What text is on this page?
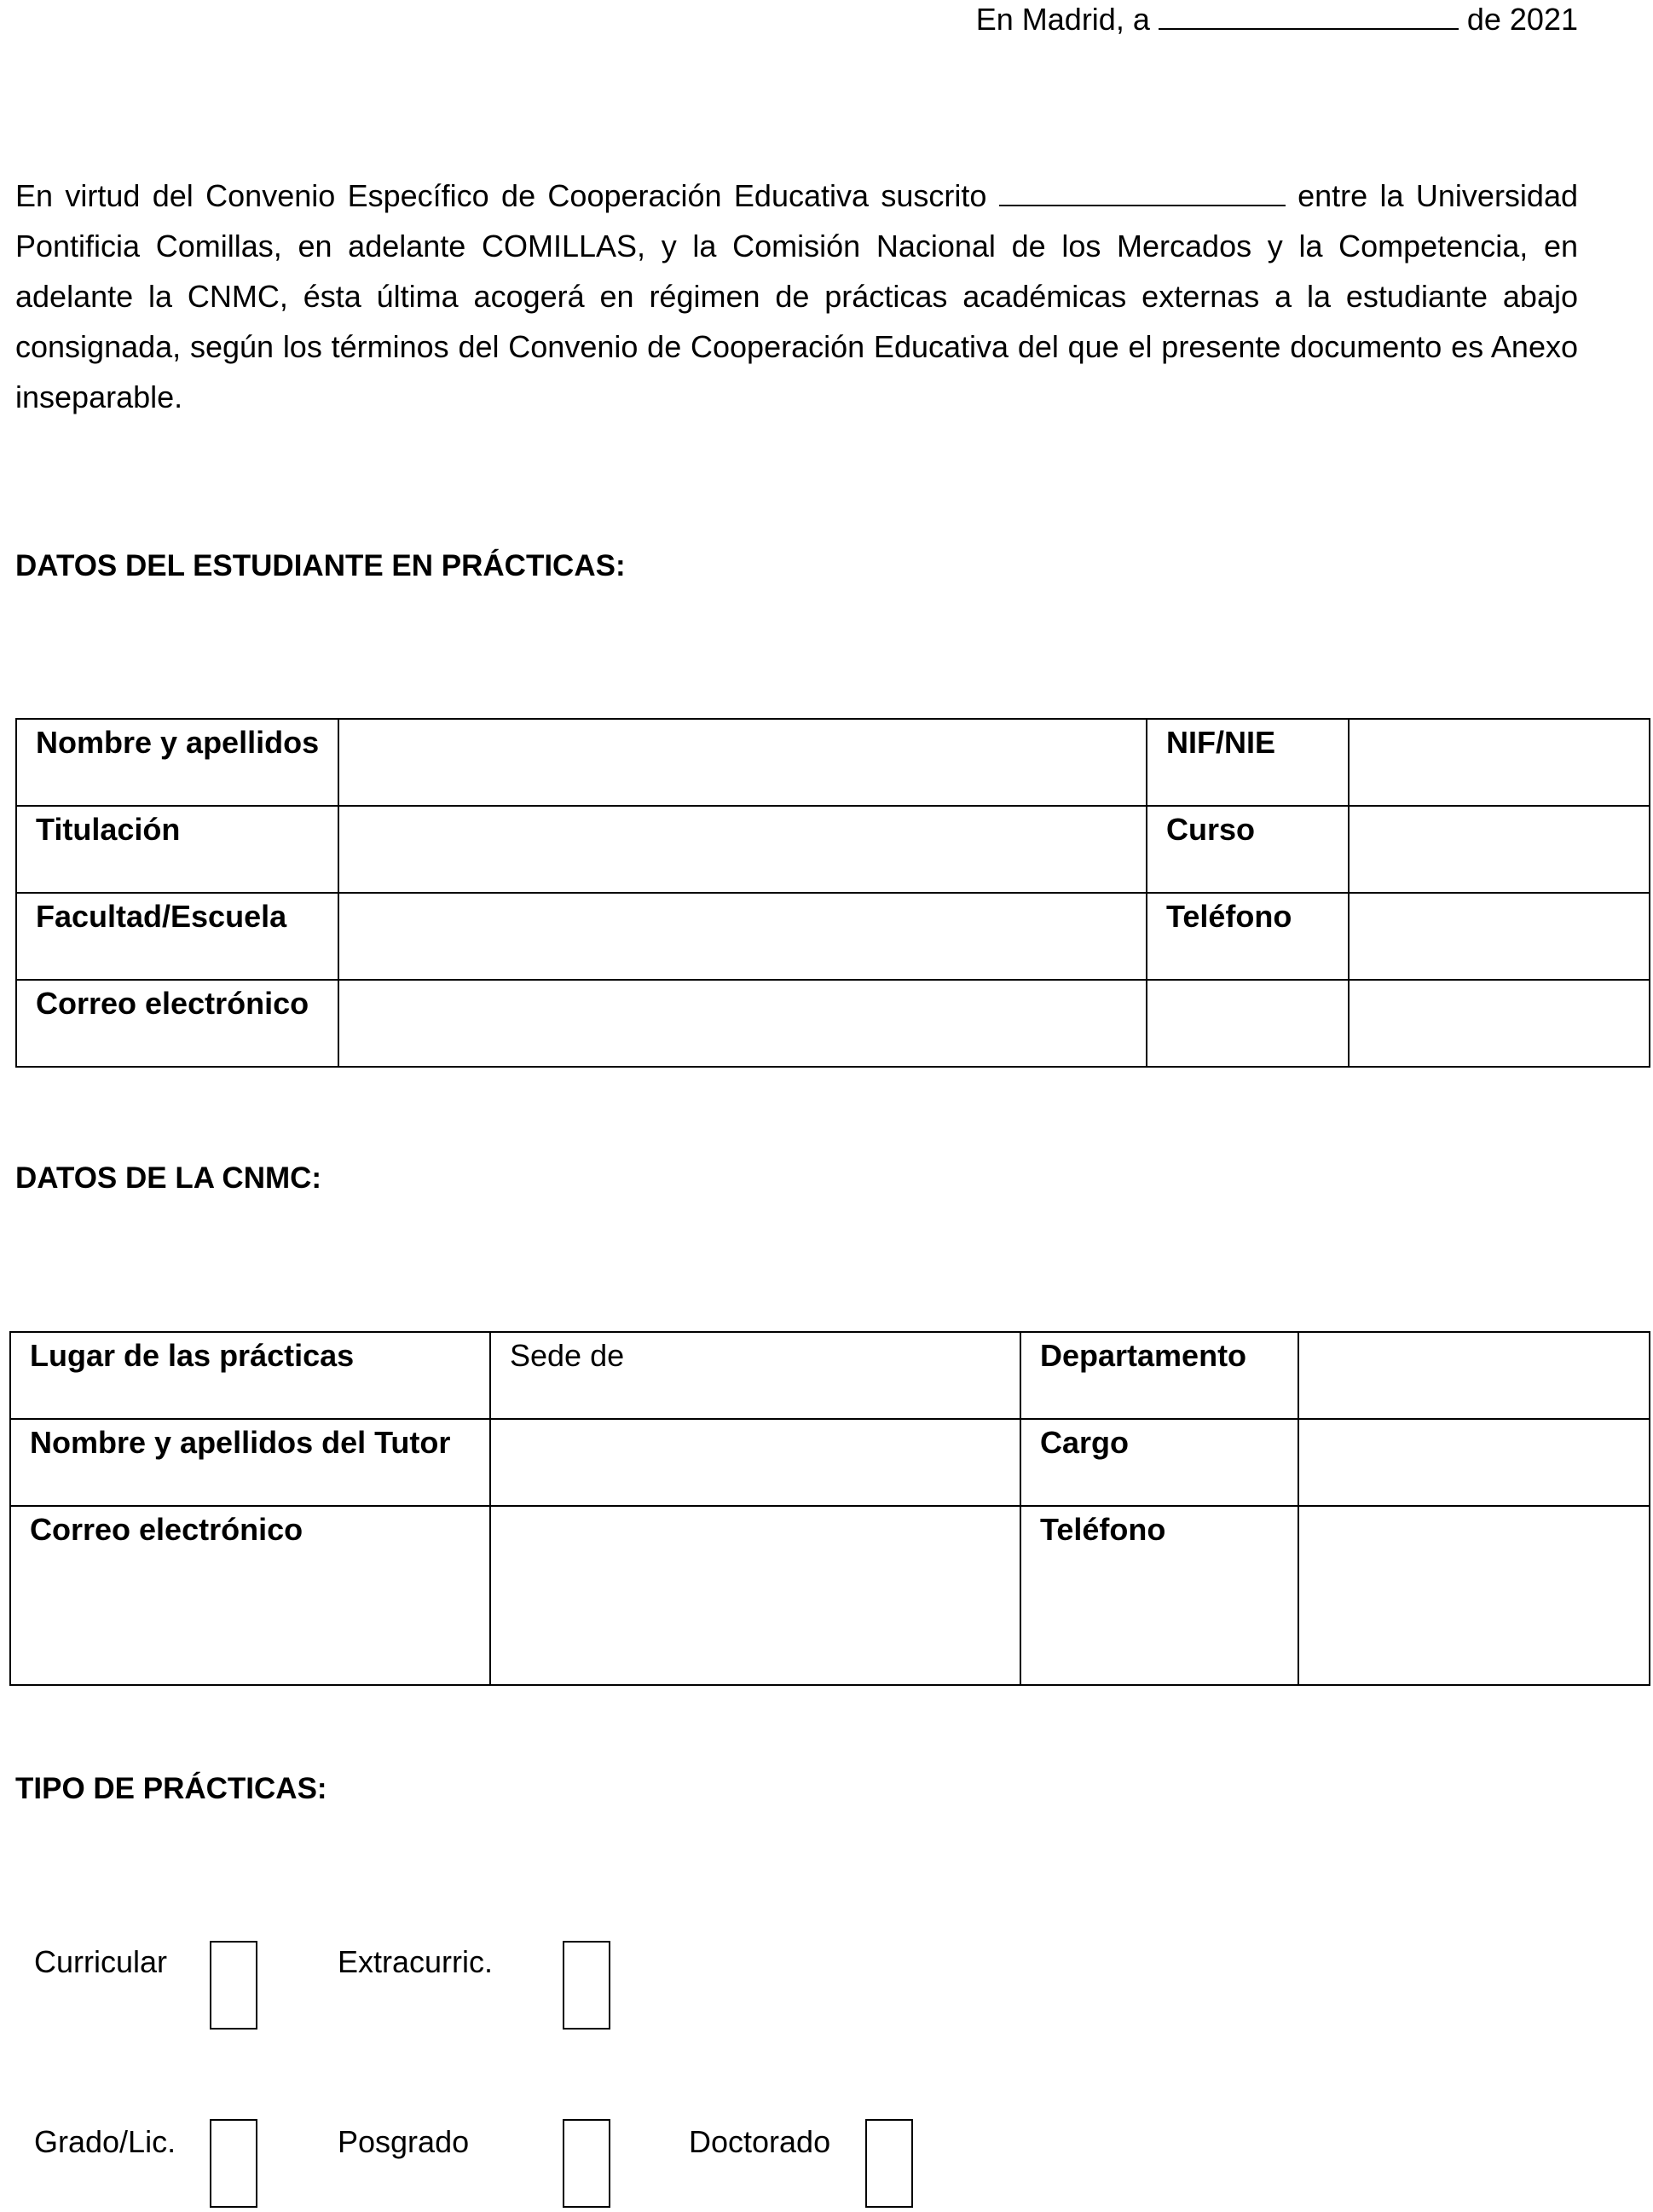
En Madrid, a	de 2021

En virtud del Convenio Específico de Cooperación Educativa suscrito	entre la Universidad Pontificia Comillas, en adelante COMILLAS, y la Comisión Nacional de los Mercados y la Competencia, en adelante la CNMC, ésta última acogerá en régimen de prácticas académicas externas a la estudiante abajo consignada, según los términos del Convenio de Cooperación Educativa del que el presente documento es Anexo inseparable.

DATOS DEL ESTUDIANTE EN PRÁCTICAS:
Nombre y apellidos		NIF/NIE	
Titulación		Curso	
Facultad/Escuela		Teléfono	
Correo electrónico			
DATOS DE LA CNMC:
Lugar de las prácticas	Sede de	Departamento	
Nombre y apellidos del Tutor		Cargo	
Correo electrónico		Teléfono	
TIPO DE PRÁCTICAS:
Curricular	Extracurric.
Grado/Lic.	Posgrado	Doctorado
